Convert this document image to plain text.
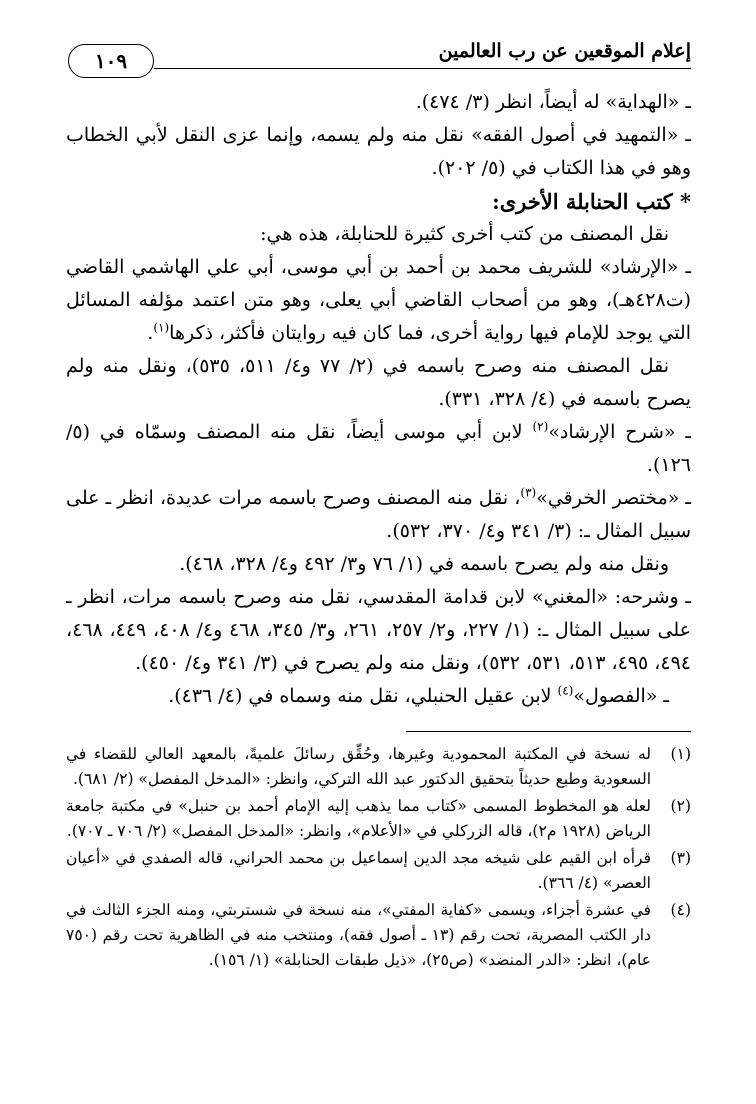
إعلام الموقعين عن رب العالمين
١٠٩

ـ «الهداية» له أيضاً، انظر (٣/ ٤٧٤).

ـ «التمهيد في أصول الفقه» نقل منه ولم يسمه، وإنما عزى النقل لأبي الخطاب وهو في هذا الكتاب في (٥/ ٢٠٢).

* كتب الحنابلة الأخرى:

نقل المصنف من كتب أخرى كثيرة للحنابلة، هذه هي:

ـ «الإرشاد» للشريف محمد بن أحمد بن أبي موسى، أبي علي الهاشمي القاضي (ت٤٢٨هـ)، وهو من أصحاب القاضي أبي يعلى، وهو متن اعتمد مؤلفه المسائل التي يوجد للإمام فيها رواية أخرى، فما كان فيه روايتان فأكثر، ذكرها$^{(١)}$.

نقل المصنف منه وصرح باسمه في (٢/ ٧٧ و٤/ ٥١١، ٥٣٥)، ونقل منه ولم يصرح باسمه في (٤/ ٣٢٨، ٣٣١).

ـ «شرح الإرشاد»$^{(٢)}$ لابن أبي موسى أيضاً، نقل منه المصنف وسمّاه في (٥/ ١٢٦).

ـ «مختصر الخرقي»$^{(٣)}$، نقل منه المصنف وصرح باسمه مرات عديدة، انظر ـ على سبيل المثال ـ: (٣/ ٣٤١ و٤/ ٣٧٠، ٥٣٢).

ونقل منه ولم يصرح باسمه في (١/ ٧٦ و٣/ ٤٩٢ و٤/ ٣٢٨، ٤٦٨).

ـ وشرحه: «المغني» لابن قدامة المقدسي، نقل منه وصرح باسمه مرات، انظر ـ على سبيل المثال ـ: (١/ ٢٢٧، و٢/ ٢٥٧، ٢٦١، و٣/ ٣٤٥، ٤٦٨ و٤/ ٤٠٨، ٤٤٩، ٤٦٨، ٤٩٤، ٤٩٥، ٥١٣، ٥٣١، ٥٣٢)، ونقل منه ولم يصرح في (٣/ ٣٤١ و٤/ ٤٥٠).

ـ «الفصول»$^{(٤)}$ لابن عقيل الحنبلي، نقل منه وسماه في (٤/ ٤٣٦).

(١)
له نسخة في المكتبة المحمودية وغيرها، وحُقِّق رسائلَ علميةً، بالمعهد العالي للقضاء في السعودية وطبع حديثاً بتحقيق الدكتور عبد الله التركي، وانظر: «المدخل المفصل» (٢/ ٦٨١).
(٢)
لعله هو المخطوط المسمى «كتاب مما يذهب إليه الإمام أحمد بن حنبل» في مكتبة جامعة الرياض (١٩٢٨ م٢)، قاله الزركلي في «الأعلام»، وانظر: «المدخل المفصل» (٢/ ٧٠٦ ـ ٧٠٧).
(٣)
قرأه ابن القيم على شيخه مجد الدين إسماعيل بن محمد الحراني، قاله الصفدي في «أعيان العصر» (٤/ ٣٦٦).
(٤)
في عشرة أجزاء، ويسمى «كفاية المفتي»، منه نسخة في شستربتي، ومنه الجزء الثالث في دار الكتب المصرية، تحت رقم (١٣ ـ أصول فقه)، ومنتخب منه في الظاهرية تحت رقم (٧٥٠ عام)، انظر: «الدر المنضد» (ص٢٥)، «ذيل طبقات الحنابلة» (١/ ١٥٦).
